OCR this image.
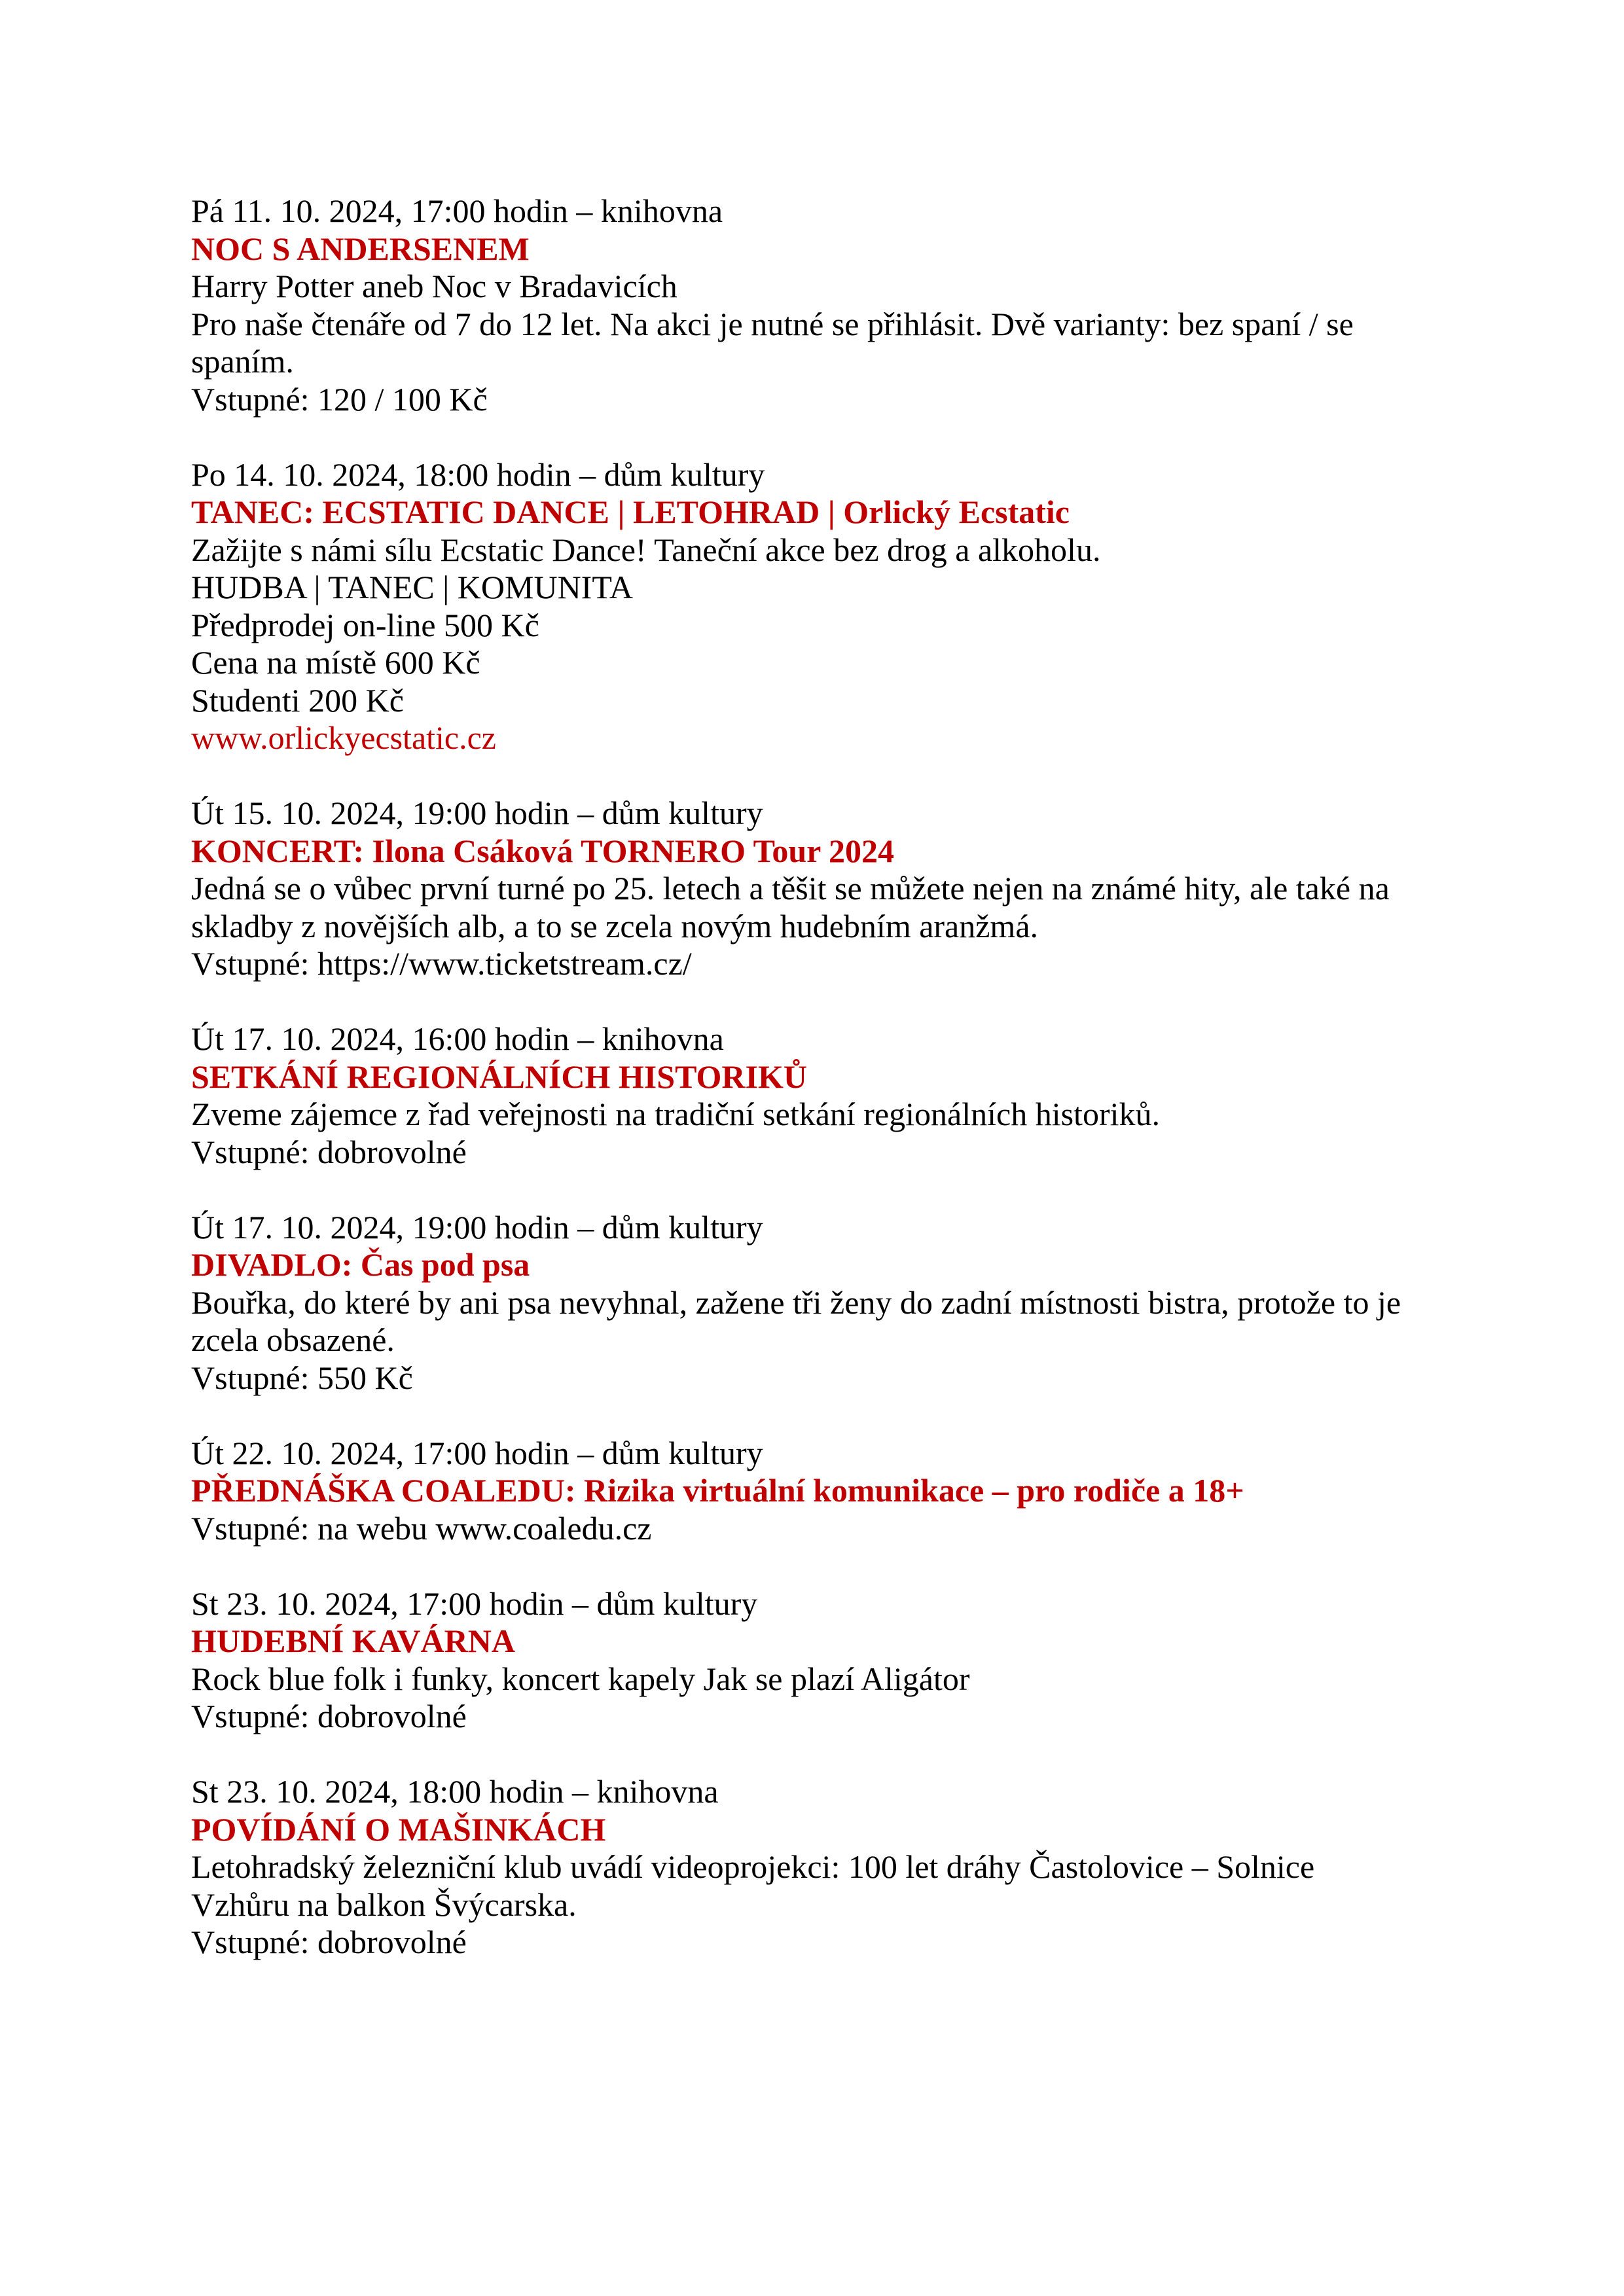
Pá 11. 10. 2024, 17:00 hodin – knihovna
NOC S ANDERSENEM
Harry Potter aneb Noc v Bradavicích
Pro naše čtenáře od 7 do 12 let. Na akci je nutné se přihlásit. Dvě varianty: bez spaní / se
spaním.
Vstupné: 120 / 100 Kč
Po 14. 10. 2024, 18:00 hodin – dům kultury
TANEC: ECSTATIC DANCE | LETOHRAD | Orlický Ecstatic
Zažijte s námi sílu Ecstatic Dance! Taneční akce bez drog a alkoholu.
HUDBA | TANEC | KOMUNITA
Předprodej on-line 500 Kč
Cena na místě 600 Kč
Studenti 200 Kč
www.orlickyecstatic.cz
Út 15. 10. 2024, 19:00 hodin – dům kultury
KONCERT: Ilona Csáková TORNERO Tour 2024
Jedná se o vůbec první turné po 25. letech a těšit se můžete nejen na známé hity, ale také na
skladby z novějších alb, a to se zcela novým hudebním aranžmá.
Vstupné: https://www.ticketstream.cz/
Út 17. 10. 2024, 16:00 hodin – knihovna
SETKÁNÍ REGIONÁLNÍCH HISTORIKŮ
Zveme zájemce z řad veřejnosti na tradiční setkání regionálních historiků.
Vstupné: dobrovolné
Út 17. 10. 2024, 19:00 hodin – dům kultury
DIVADLO: Čas pod psa
Bouřka, do které by ani psa nevyhnal, zažene tři ženy do zadní místnosti bistra, protože to je
zcela obsazené.
Vstupné: 550 Kč
Út 22. 10. 2024, 17:00 hodin – dům kultury
PŘEDNÁŠKA COALEDU: Rizika virtuální komunikace – pro rodiče a 18+
Vstupné: na webu www.coaledu.cz
St 23. 10. 2024, 17:00 hodin – dům kultury
HUDEBNÍ KAVÁRNA
Rock blue folk i funky, koncert kapely Jak se plazí Aligátor
Vstupné: dobrovolné
St 23. 10. 2024, 18:00 hodin – knihovna
POVÍDÁNÍ O MAŠINKÁCH
Letohradský železniční klub uvádí videoprojekci: 100 let dráhy Častolovice – Solnice
Vzhůru na balkon Švýcarska.
Vstupné: dobrovolné
